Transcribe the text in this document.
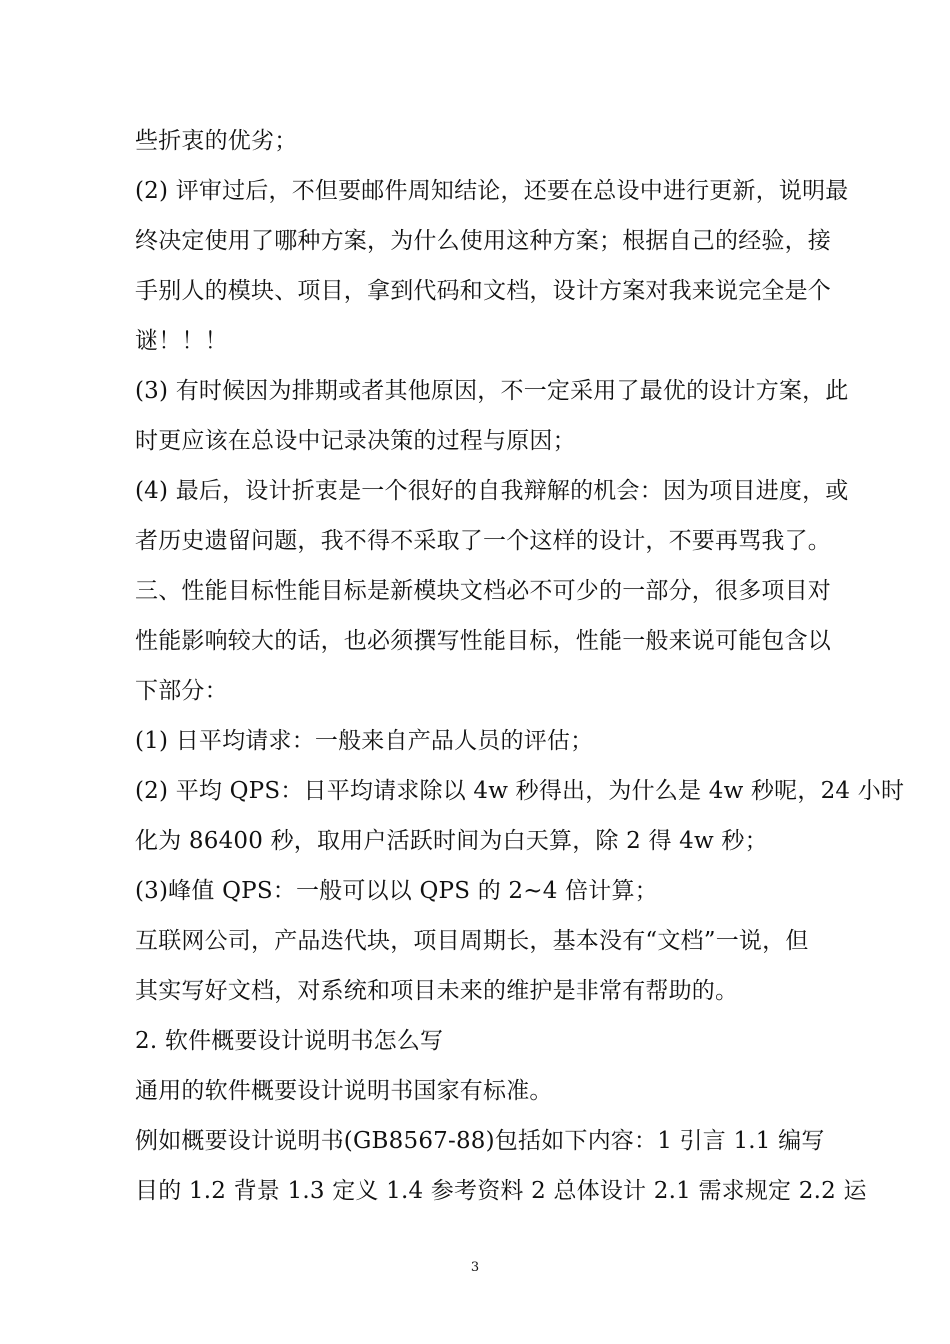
些折衷的优劣；
(2) 评审过后，不但要邮件周知结论，还要在总设中进行更新，说明最
终决定使用了哪种方案，为什么使用这种方案；根据自己的经验，接
手别人的模块、项目，拿到代码和文档，设计方案对我来说完全是个
谜！！！
(3) 有时候因为排期或者其他原因，不一定采用了最优的设计方案，此
时更应该在总设中记录决策的过程与原因；
(4) 最后，设计折衷是一个很好的自我辩解的机会：因为项目进度，或
者历史遗留问题，我不得不采取了一个这样的设计，不要再骂我了。
三、性能目标性能目标是新模块文档必不可少的一部分，很多项目对
性能影响较大的话，也必须撰写性能目标，性能一般来说可能包含以
下部分：
(1) 日平均请求：一般来自产品人员的评估；
(2) 平均 QPS：日平均请求除以 4w 秒得出，为什么是 4w 秒呢，24 小时
化为 86400 秒，取用户活跃时间为白天算，除 2 得 4w 秒；
(3)峰值 QPS：一般可以以 QPS 的 2~4 倍计算；
互联网公司，产品迭代块，项目周期长，基本没有“文档”一说，但
其实写好文档，对系统和项目未来的维护是非常有帮助的。
2. 软件概要设计说明书怎么写
通用的软件概要设计说明书国家有标准。
例如概要设计说明书(GB8567-88)包括如下内容：1 引言 1.1 编写
目的 1.2 背景 1.3 定义 1.4 参考资料 2 总体设计 2.1 需求规定 2.2 运
3
